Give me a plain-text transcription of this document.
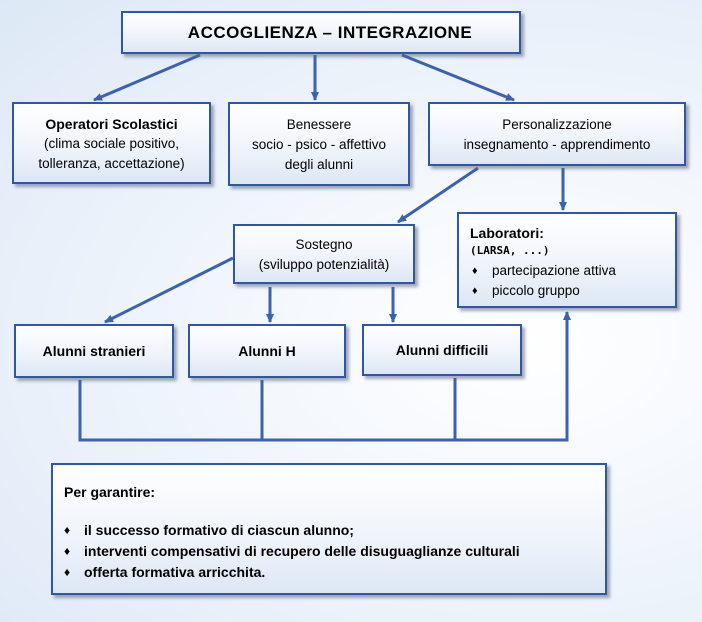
ACCOGLIENZA – INTEGRAZIONE
Operatori Scolastici
(clima sociale positivo,
tolleranza, accettazione)
Benessere
socio - psico - affettivo
degli alunni
Personalizzazione
insegnamento - apprendimento
Sostegno
(sviluppo potenzialità)
Laboratori:
(LARSA, ...)
♦	partecipazione attiva
♦	piccolo gruppo
Alunni stranieri	Alunni H	Alunni difficili
Per garantire:
♦ il successo formativo di ciascun alunno;
♦ interventi compensativi di recupero delle disuguaglianze culturali
♦ offerta formativa arricchita.
